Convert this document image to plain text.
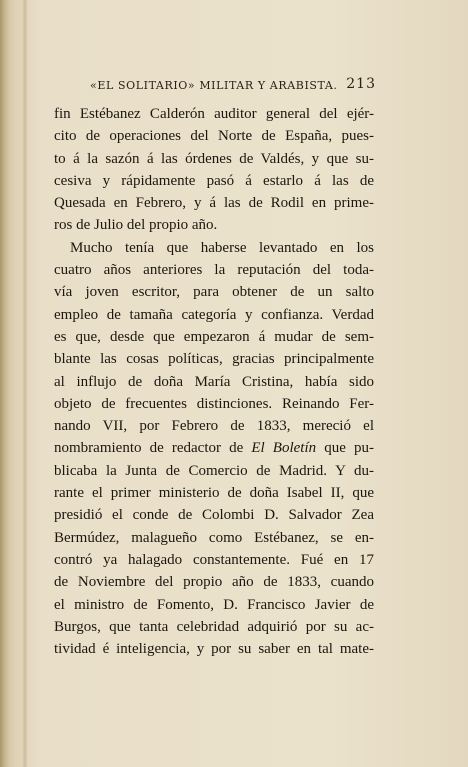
«EL SOLITARIO» MILITAR Y ARABISTA. 213
fin Estébanez Calderón auditor general del ejér-
cito de operaciones del Norte de España, pues-
to á la sazón á las órdenes de Valdés, y que su-
cesiva y rápidamente pasó á estarlo á las de
Quesada en Febrero, y á las de Rodil en prime-
ros de Julio del propio año.
Mucho tenía que haberse levantado en los
cuatro años anteriores la reputación del toda-
vía joven escritor, para obtener de un salto
empleo de tamaña categoría y confianza. Verdad
es que, desde que empezaron á mudar de sem-
blante las cosas políticas, gracias principalmente
al influjo de doña María Cristina, había sido
objeto de frecuentes distinciones. Reinando Fer-
nando VII, por Febrero de 1833, mereció el
nombramiento de redactor de El Boletín que pu-
blicaba la Junta de Comercio de Madrid. Y du-
rante el primer ministerio de doña Isabel II, que
presidió el conde de Colombi D. Salvador Zea
Bermúdez, malagueño como Estébanez, se en-
contró ya halagado constantemente. Fué en 17
de Noviembre del propio año de 1833, cuando
el ministro de Fomento, D. Francisco Javier de
Burgos, que tanta celebridad adquirió por su ac-
tividad é inteligencia, y por su saber en tal mate-
